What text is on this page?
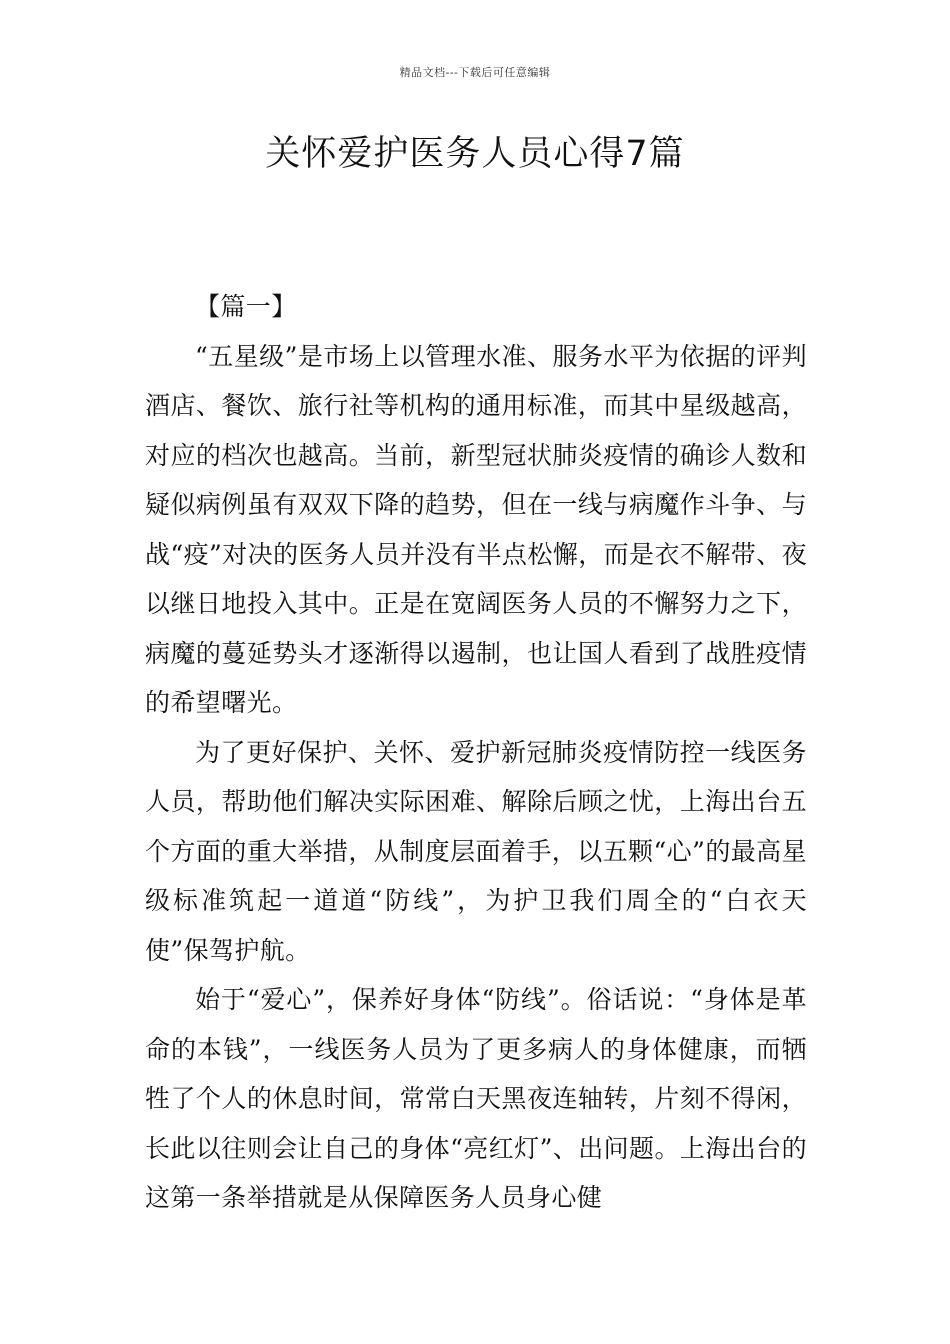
精品文档---下载后可任意编辑
关怀爱护医务人员心得7篇

【篇一】

“五星级”是市场上以管理水准、服务水平为依据的评判酒店、餐饮、旅行社等机构的通用标准，而其中星级越高，对应的档次也越高。当前，新型冠状肺炎疫情的确诊人数和疑似病例虽有双双下降的趋势，但在一线与病魔作斗争、与战“疫”对决的医务人员并没有半点松懈，而是衣不解带、夜以继日地投入其中。正是在宽阔医务人员的不懈努力之下，病魔的蔓延势头才逐渐得以遏制，也让国人看到了战胜疫情的希望曙光。

为了更好保护、关怀、爱护新冠肺炎疫情防控一线医务人员，帮助他们解决实际困难、解除后顾之忧，上海出台五个方面的重大举措，从制度层面着手，以五颗“心”的最高星级标准筑起一道道“防线”，为护卫我们周全的“白衣天使”保驾护航。

始于“爱心”，保养好身体“防线”。俗话说：“身体是革命的本钱”，一线医务人员为了更多病人的身体健康，而牺牲了个人的休息时间，常常白天黑夜连轴转，片刻不得闲，长此以往则会让自己的身体“亮红灯”、出问题。上海出台的这第一条举措就是从保障医务人员身心健
